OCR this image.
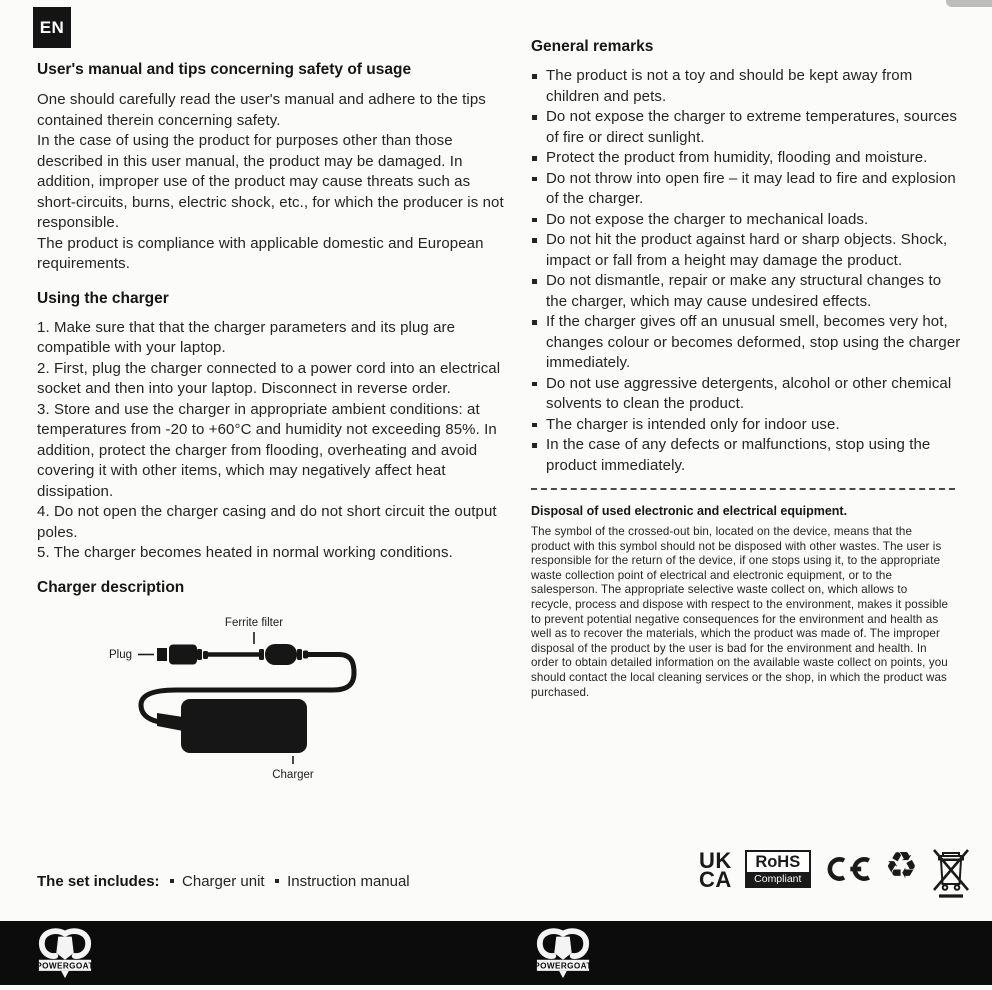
EN
User's manual and tips concerning safety of usage

One should carefully read the user's manual and adhere to the tips contained therein concerning safety.

In the case of using the product for purposes other than those described in this user manual, the product may be damaged. In addition, improper use of the product may cause threats such as short-circuits, burns, electric shock, etc., for which the producer is not responsible.

The product is compliance with applicable domestic and European requirements.

Using the charger

1. Make sure that that the charger parameters and its plug are compatible with your laptop.

2. First, plug the charger connected to a power cord into an electrical socket and then into your laptop. Disconnect in reverse order.

3. Store and use the charger in appropriate ambient conditions: at temperatures from -20 to +60°C and humidity not exceeding 85%. In addition, protect the charger from flooding, overheating and avoid covering it with other items, which may negatively affect heat dissipation.

4. Do not open the charger casing and do not short circuit the output poles.

5. The charger becomes heated in normal working conditions.

Charger description
Ferrite filter
Plug
Charger

The set includes: Charger unit Instruction manual

General remarks
The product is not a toy and should be kept away from children and pets.
Do not expose the charger to extreme temperatures, sources of fire or direct sunlight.
Protect the product from humidity, flooding and moisture.
Do not throw into open fire – it may lead to fire and explosion of the charger.
Do not expose the charger to mechanical loads.
Do not hit the product against hard or sharp objects. Shock, impact or fall from a height may damage the product.
Do not dismantle, repair or make any structural changes to the charger, which may cause undesired effects.
If the charger gives off an unusual smell, becomes very hot, changes colour or becomes deformed, stop using the charger immediately.
Do not use aggressive detergents, alcohol or other chemical solvents to clean the product.
The charger is intended only for indoor use.
In the case of any defects or malfunctions, stop using the product immediately.
Disposal of used electronic and electrical equipment.

The symbol of the crossed-out bin, located on the device, means that the product with this symbol should not be disposed with other wastes. The user is responsible for the return of the device, if one stops using it, to the appropriate waste collection point of electrical and electronic equipment, or to the salesperson. The appropriate selective waste collect on, which allows to recycle, process and dispose with respect to the environment, makes it possible to prevent potential negative consequences for the environment and health as well as to recover the materials, which the product was made of. The improper disposal of the product by the user is bad for the environment and health. In order to obtain detailed information on the available waste collect on points, you should contact the local cleaning services or the shop, in which the product was purchased.

UK
CA
RoHS
Compliant ♻
POWERGOAT	POWERGOAT
